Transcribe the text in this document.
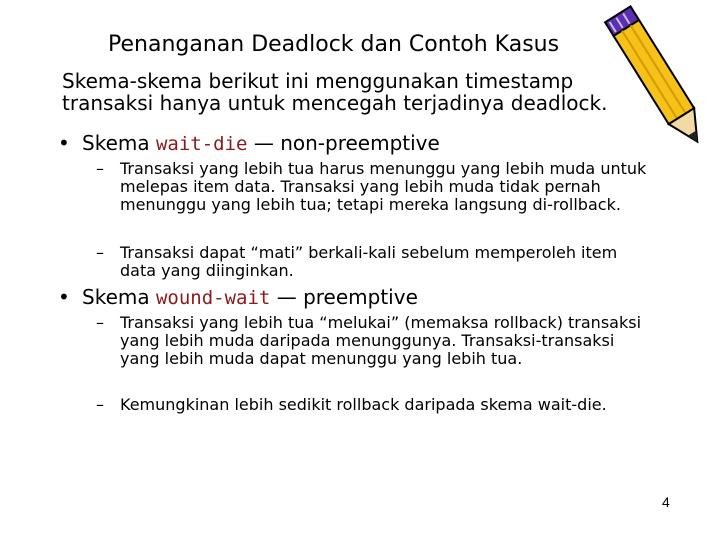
Penanganan Deadlock dan Contoh Kasus
Skema-skema berikut ini menggunakan timestamp transaksi hanya untuk mencegah terjadinya deadlock.
• Skema wait-die — non-preemptive
–	Transaksi yang lebih tua harus menunggu yang lebih muda untuk melepas item data. Transaksi yang lebih muda tidak pernah menunggu yang lebih tua; tetapi mereka langsung di-rollback.
–	Transaksi dapat “mati” berkali-kali sebelum memperoleh item data yang diinginkan.
• Skema wound-wait — preemptive
–	Transaksi yang lebih tua “melukai” (memaksa rollback) transaksi yang lebih muda daripada menunggunya. Transaksi-transaksi yang lebih muda dapat menunggu yang lebih tua.
–	Kemungkinan lebih sedikit rollback daripada skema wait-die.
4
